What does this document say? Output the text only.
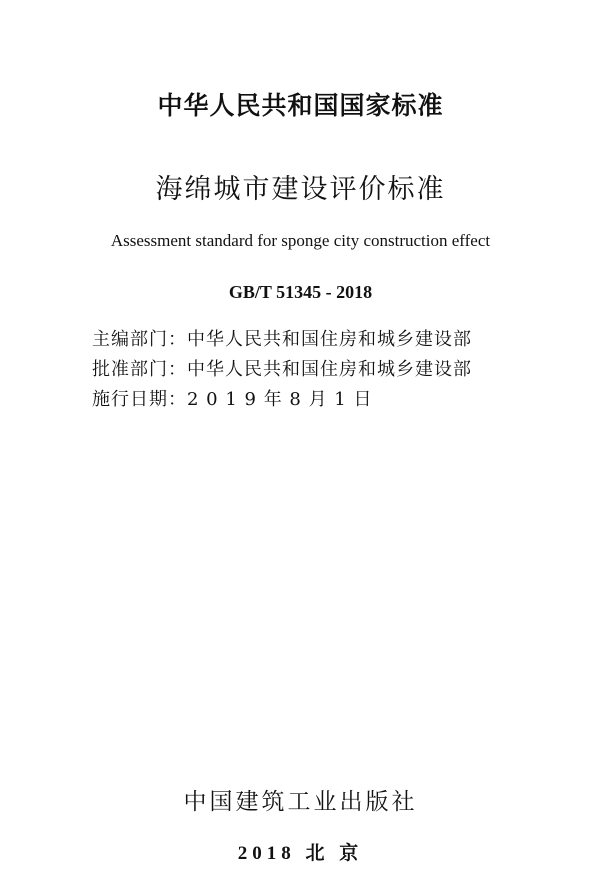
中华人民共和国国家标准
海绵城市建设评价标准
Assessment standard for sponge city construction effect
GB/T 51345 - 2018
主编部门：中华人民共和国住房和城乡建设部
批准部门：中华人民共和国住房和城乡建设部
施行日期：2 0 1 9 年 8 月 1 日
中国建筑工业出版社
2018 北 京
